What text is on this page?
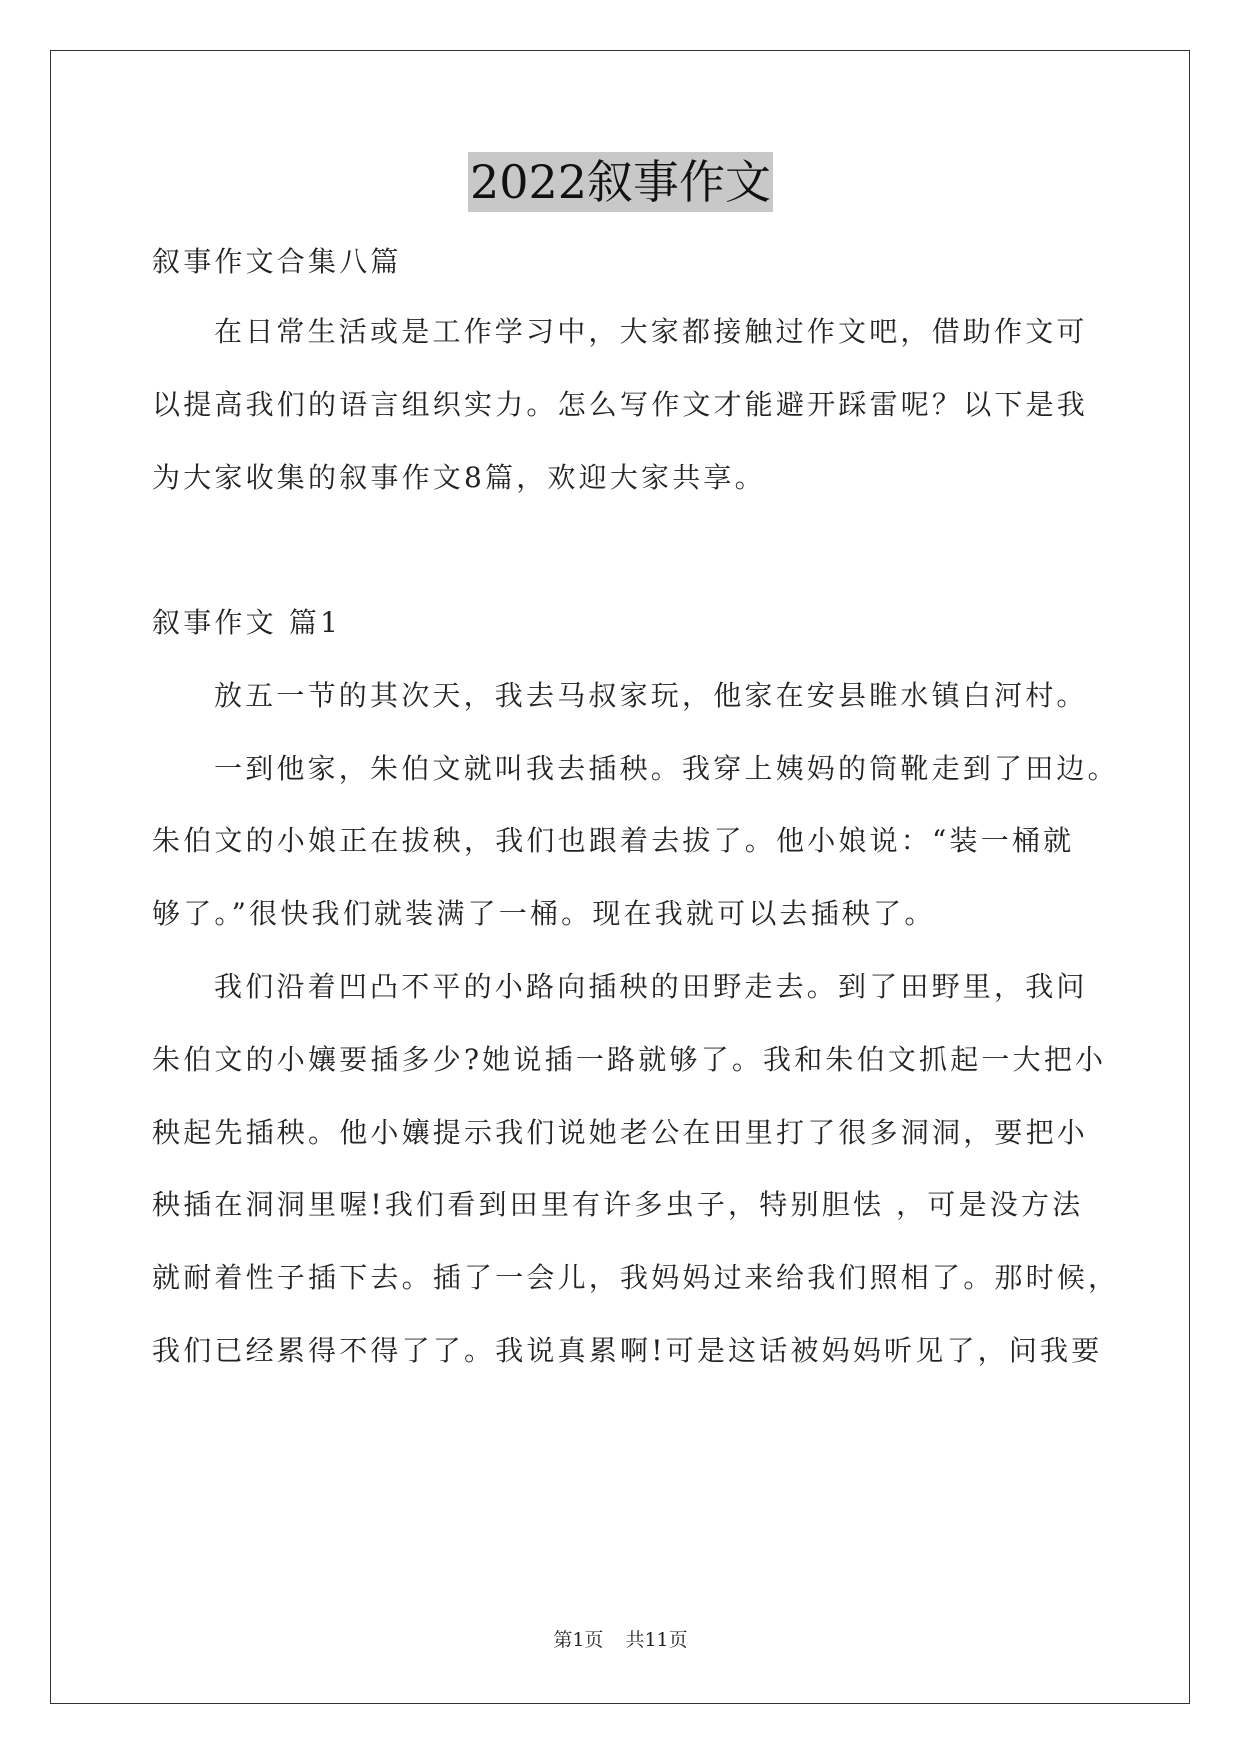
2022叙事作文
叙事作文合集八篇
在日常生活或是工作学习中，大家都接触过作文吧，借助作文可
以提高我们的语言组织实力。怎么写作文才能避开踩雷呢？以下是我
为大家收集的叙事作文8篇，欢迎大家共享。
叙事作文 篇1
放五一节的其次天，我去马叔家玩，他家在安县睢水镇白河村。
一到他家，朱伯文就叫我去插秧。我穿上姨妈的筒靴走到了田边。
朱伯文的小娘正在拔秧，我们也跟着去拔了。他小娘说：“装一桶就
够了。”很快我们就装满了一桶。现在我就可以去插秧了。
我们沿着凹凸不平的小路向插秧的田野走去。到了田野里，我问
朱伯文的小孃要插多少?她说插一路就够了。我和朱伯文抓起一大把小
秧起先插秧。他小孃提示我们说她老公在田里打了很多洞洞，要把小
秧插在洞洞里喔!我们看到田里有许多虫子，特别胆怯 ，可是没方法
就耐着性子插下去。插了一会儿，我妈妈过来给我们照相了。那时候，
我们已经累得不得了了。我说真累啊!可是这话被妈妈听见了，问我要
第1页 共11页
